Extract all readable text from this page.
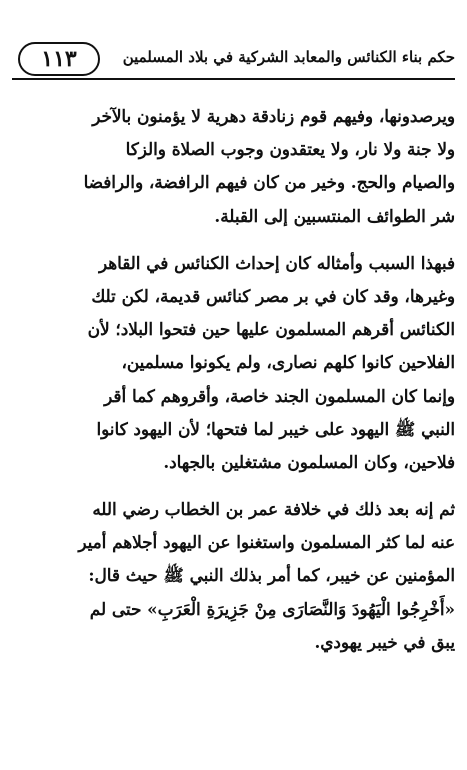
حكم بناء الكنائس والمعابد الشركية في بلاد المسلمين
١١٣
ويرصدونها، وفيهم قوم زنادقة دهرية لا يؤمنون بالآخر
ولا جنة ولا نار، ولا يعتقدون وجوب الصلاة والزكا
والصيام والحج. وخير من كان فيهم الرافضة، والرافضا
شر الطوائف المنتسبين إلى القبلة.
فبهذا السبب وأمثاله كان إحداث الكنائس في القاهر
وغيرها، وقد كان في بر مصر كنائس قديمة، لكن تلك
الكنائس أقرهم المسلمون عليها حين فتحوا البلاد؛ لأن
الفلاحين كانوا كلهم نصارى، ولم يكونوا مسلمين،
وإنما كان المسلمون الجند خاصة، وأقروهم كما أقر
النبي ﷺ اليهود على خيبر لما فتحها؛ لأن اليهود كانوا
فلاحين، وكان المسلمون مشتغلين بالجهاد.
ثم إنه بعد ذلك في خلافة عمر بن الخطاب رضي الله
عنه لما كثر المسلمون واستغنوا عن اليهود أجلاهم أمير
المؤمنين عن خيبر، كما أمر بذلك النبي ﷺ حيث قال:
«أَخْرِجُوا الْيَهُودَ وَالنَّصَارَى مِنْ جَزِيرَةِ الْعَرَبِ» حتى لم
يبق في خيبر يهودي.
